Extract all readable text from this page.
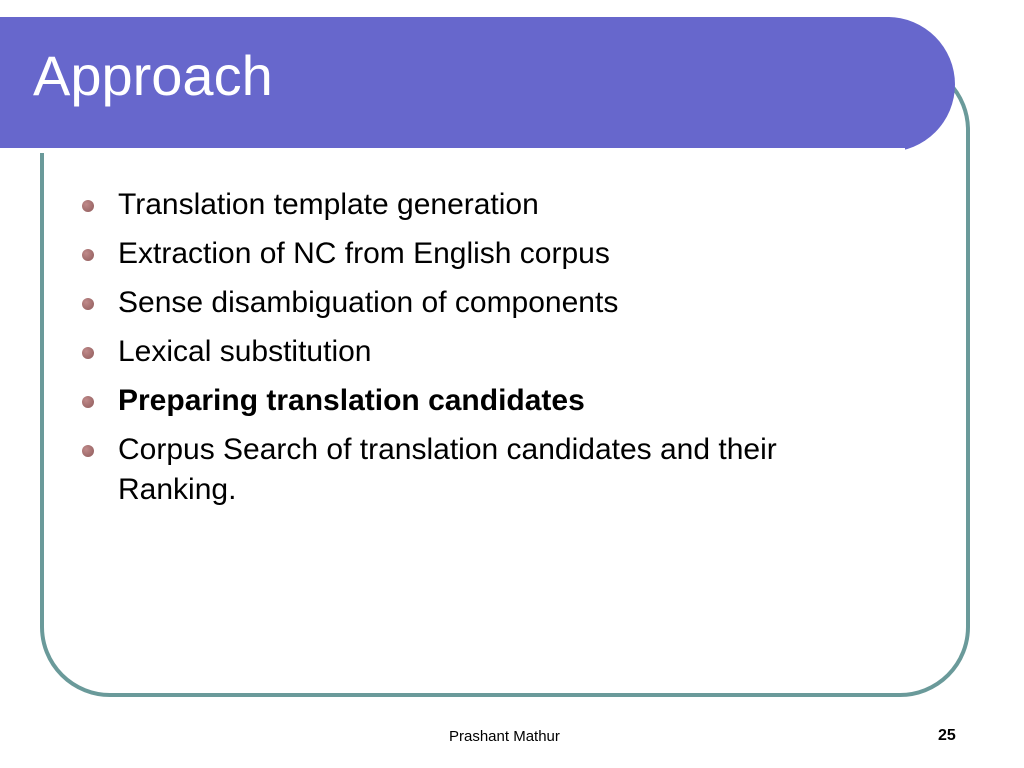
Approach
Translation template generation
Extraction of NC from English corpus
Sense disambiguation of components
Lexical substitution
Preparing translation candidates
Corpus Search of translation candidates and their Ranking.
Prashant Mathur	25
